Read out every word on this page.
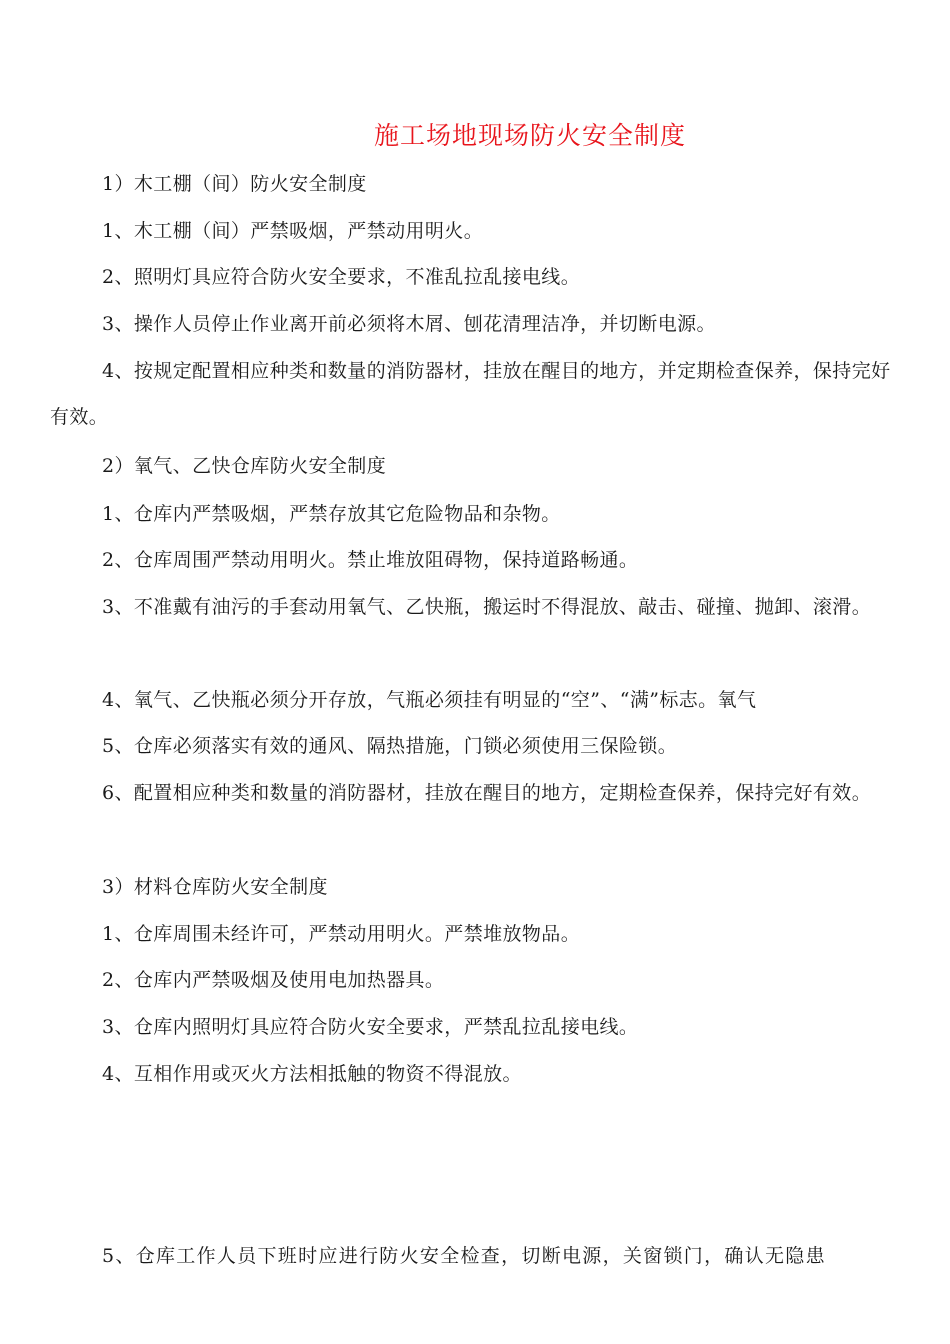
施工场地现场防火安全制度
1）木工棚（间）防火安全制度
1、木工棚（间）严禁吸烟，严禁动用明火。
2、照明灯具应符合防火安全要求，不准乱拉乱接电线。
3、操作人员停止作业离开前必须将木屑、刨花清理洁净，并切断电源。
4、按规定配置相应种类和数量的消防器材，挂放在醒目的地方，并定期检查保养，保持完好有效。
2）氧气、乙快仓库防火安全制度
1、仓库内严禁吸烟，严禁存放其它危险物品和杂物。
2、仓库周围严禁动用明火。禁止堆放阻碍物，保持道路畅通。
3、不准戴有油污的手套动用氧气、乙快瓶，搬运时不得混放、敲击、碰撞、抛卸、滚滑。
4、氧气、乙快瓶必须分开存放，气瓶必须挂有明显的“空”、“满”标志。氧气
5、仓库必须落实有效的通风、隔热措施，门锁必须使用三保险锁。
6、配置相应种类和数量的消防器材，挂放在醒目的地方，定期检查保养，保持完好有效。
3）材料仓库防火安全制度
1、仓库周围未经许可，严禁动用明火。严禁堆放物品。
2、仓库内严禁吸烟及使用电加热器具。
3、仓库内照明灯具应符合防火安全要求，严禁乱拉乱接电线。
4、互相作用或灭火方法相抵触的物资不得混放。
5、仓库工作人员下班时应进行防火安全检查，切断电源，关窗锁门，确认无隐患
